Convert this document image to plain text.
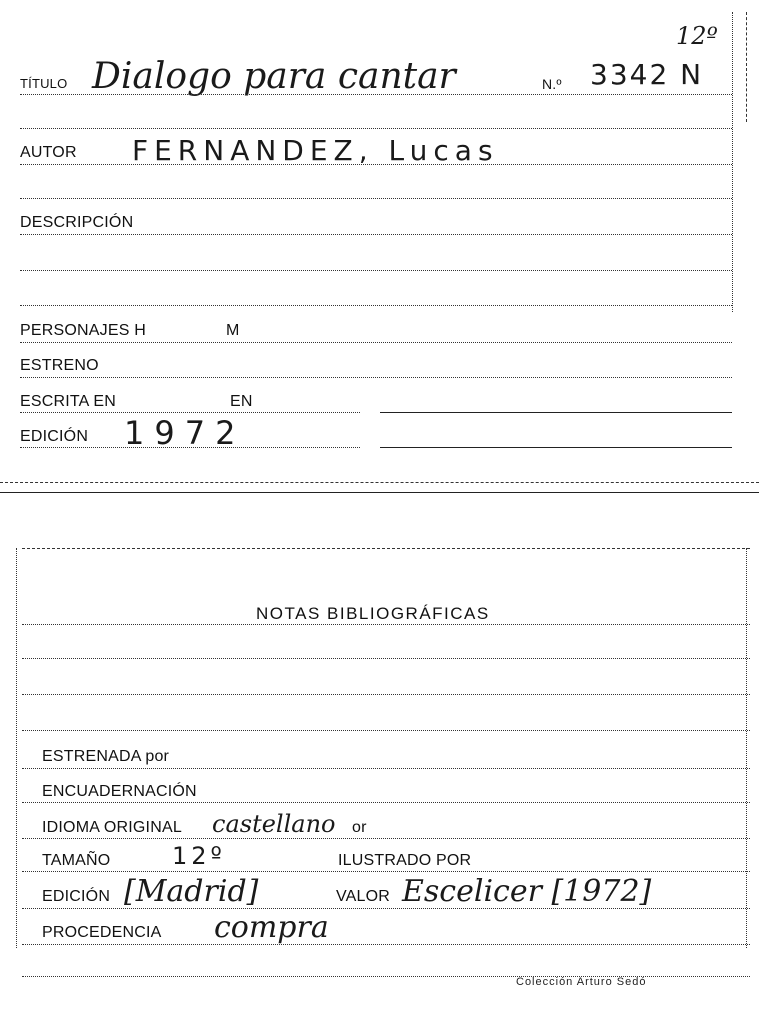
12º
TÍTULO Dialogo para cantar	N.º 3342 N
AUTOR FERNANDEZ, Lucas
DESCRIPCIÓN
PERSONAJES H	M
ESTRENO
ESCRITA EN	EN
EDICIÓN 1972
NOTAS BIBLIOGRÁFICAS
ESTRENADA por
ENCUADERNACIÓN
IDIOMA ORIGINAL castellano or
TAMAÑO	12º	ILUSTRADO POR
EDICIÓN [Madrid]	VALOR Escelicer [1972]
PROCEDENCIA compra
Colección Arturo Sedó
